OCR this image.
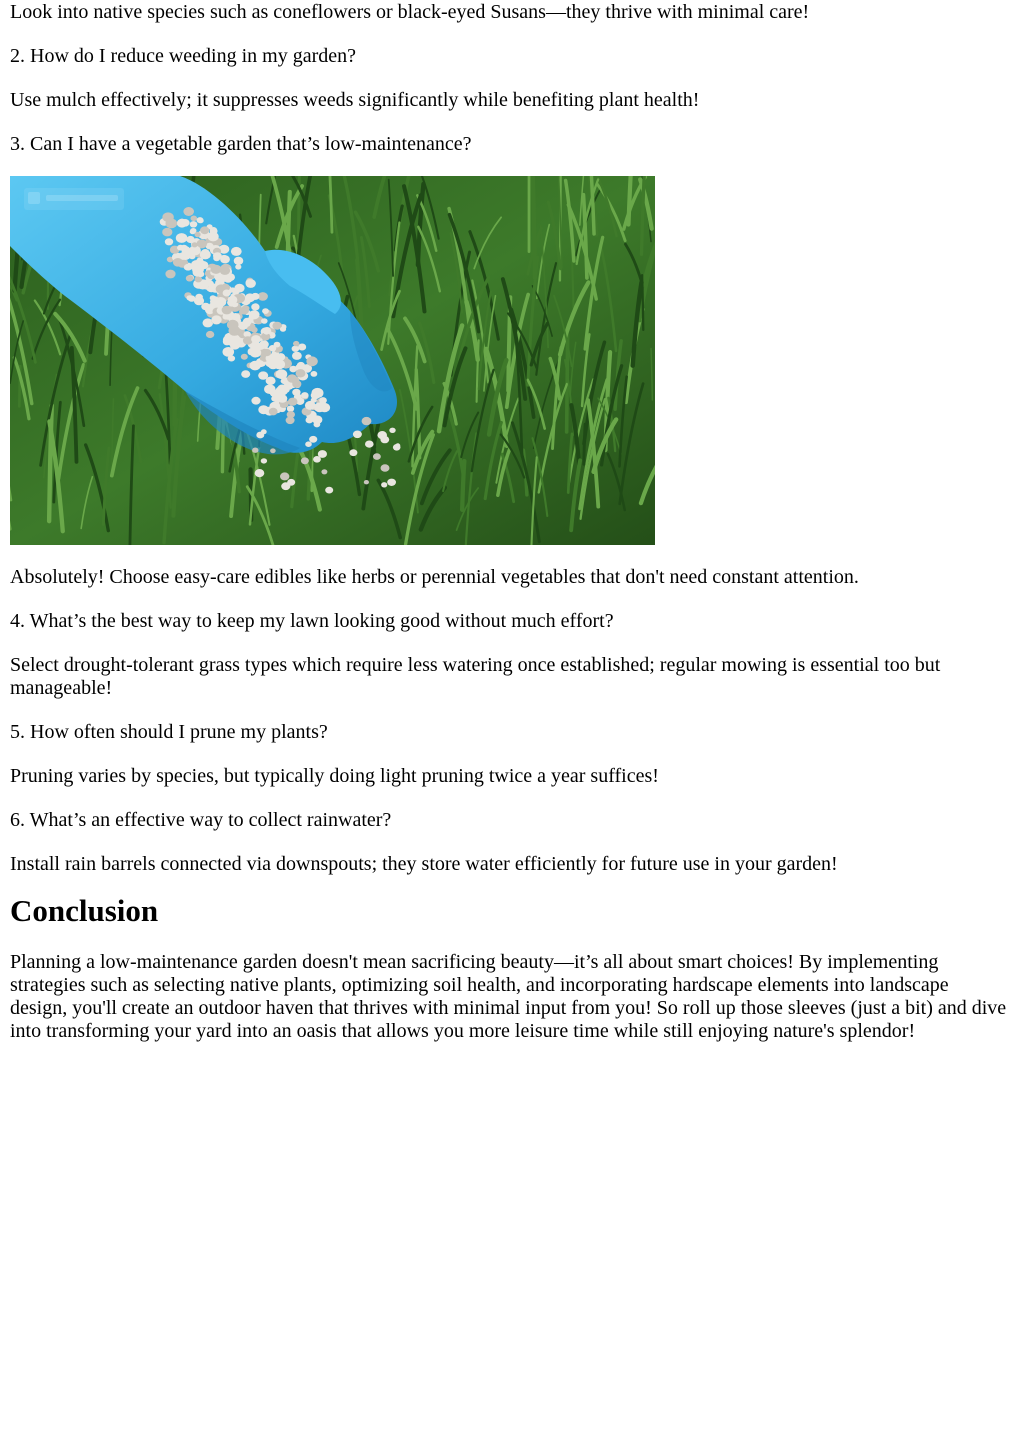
Look into native species such as coneflowers or black-eyed Susans—they thrive with minimal care!

2. How do I reduce weeding in my garden?

Use mulch effectively; it suppresses weeds significantly while benefiting plant health!

3. Can I have a vegetable garden that’s low-maintenance?

Absolutely! Choose easy-care edibles like herbs or perennial vegetables that don't need constant attention.

4. What’s the best way to keep my lawn looking good without much effort?

Select drought-tolerant grass types which require less watering once established; regular mowing is essential too but manageable!

5. How often should I prune my plants?

Pruning varies by species, but typically doing light pruning twice a year suffices!

6. What’s an effective way to collect rainwater?

Install rain barrels connected via downspouts; they store water efficiently for future use in your garden!

Conclusion

Planning a low-maintenance garden doesn't mean sacrificing beauty—it’s all about smart choices! By implementing strategies such as selecting native plants, optimizing soil health, and incorporating hardscape elements into landscape design, you'll create an outdoor haven that thrives with minimal input from you! So roll up those sleeves (just a bit) and dive into transforming your yard into an oasis that allows you more leisure time while still enjoying nature's splendor!
